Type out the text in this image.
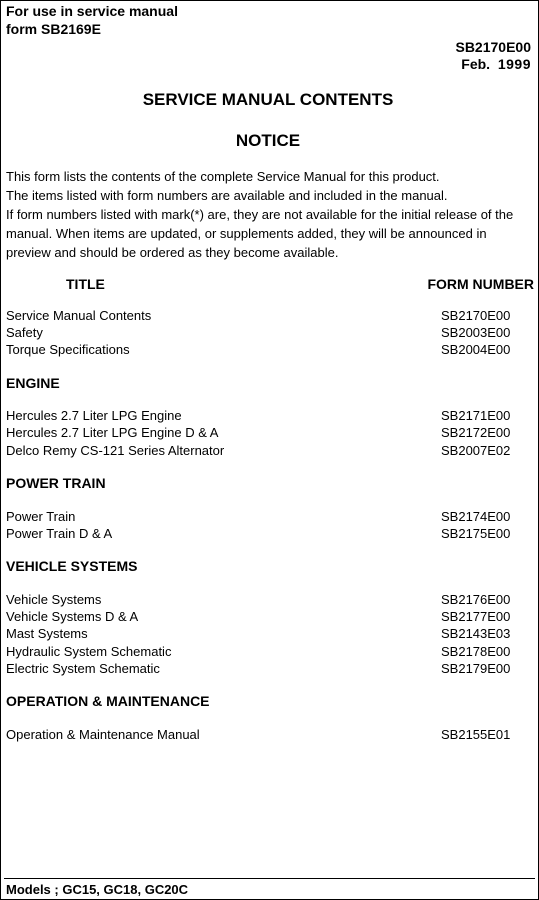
For use in service manual
form SB2169E
SB2170E00
Feb. 1999
SERVICE MANUAL CONTENTS
NOTICE
This form lists the contents of the complete Service Manual for this product.
The items listed with form numbers are available and included in the manual.
If form numbers listed with mark(*) are, they are not available for the initial release of the
manual. When items are updated, or supplements added, they will be announced in
preview and should be ordered as they become available.
TITLE	FORM NUMBER
Service Manual Contents	SB2170E00
Safety	SB2003E00
Torque Specifications	SB2004E00
ENGINE
Hercules 2.7 Liter LPG Engine	SB2171E00
Hercules 2.7 Liter LPG Engine D & A	SB2172E00
Delco Remy CS-121 Series Alternator	SB2007E02
POWER TRAIN
Power Train	SB2174E00
Power Train D & A	SB2175E00
VEHICLE SYSTEMS
Vehicle Systems	SB2176E00
Vehicle Systems D & A	SB2177E00
Mast Systems	SB2143E03
Hydraulic System Schematic	SB2178E00
Electric System Schematic	SB2179E00
OPERATION & MAINTENANCE
Operation & Maintenance Manual	SB2155E01
Models ; GC15, GC18, GC20C
